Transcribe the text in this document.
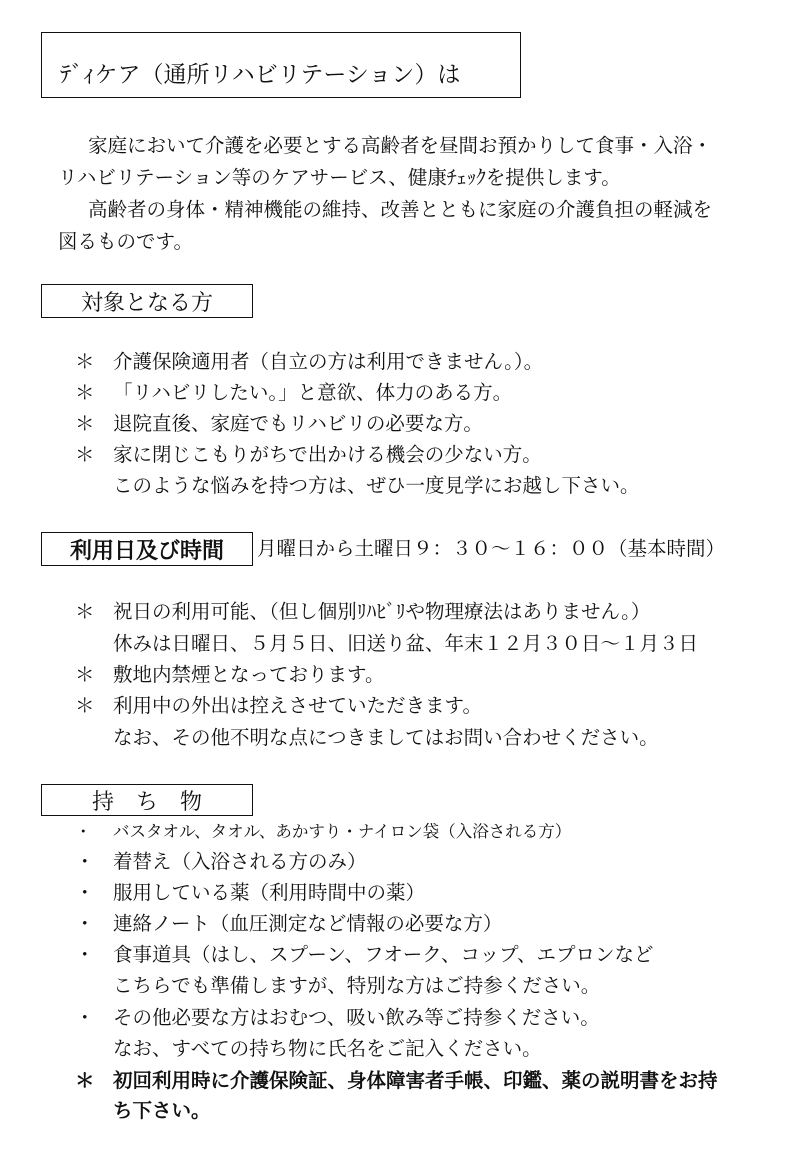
ﾃﾞｨケア（通所リハビリテーション）は
家庭において介護を必要とする高齢者を昼間お預かりして食事・入浴・
リハビリテーション等のケアサービス、健康ﾁｪｯｸを提供します。
高齢者の身体・精神機能の維持、改善とともに家庭の介護負担の軽減を
図るものです。
対象となる方
＊ 介護保険適用者（自立の方は利用できません。）。
＊ 「リハビリしたい。」と意欲、体力のある方。
＊ 退院直後、家庭でもリハビリの必要な方。
＊ 家に閉じこもりがちで出かける機会の少ない方。
このような悩みを持つ方は、ぜひ一度見学にお越し下さい。
利用日及び時間 月曜日から土曜日９：３０～１６：００（基本時間）
＊ 祝日の利用可能、（但し個別ﾘﾊﾋﾞﾘや物理療法はありません。）
休みは日曜日、５月５日、旧送り盆、年末１２月３０日～１月３日
＊ 敷地内禁煙となっております。
＊ 利用中の外出は控えさせていただきます。
なお、その他不明な点につきましてはお問い合わせください。
持　ち　物
・ バスタオル、タオル、あかすり・ナイロン袋（入浴される方）
・ 着替え（入浴される方のみ）
・ 服用している薬（利用時間中の薬）
・ 連絡ノート（血圧測定など情報の必要な方）
・ 食事道具（はし、スプーン、フオーク、コップ、エプロンなど
こちらでも準備しますが、特別な方はご持参ください。
・ その他必要な方はおむつ、吸い飲み等ご持参ください。
なお、すべての持ち物に氏名をご記入ください。
＊ 初回利用時に介護保険証、身体障害者手帳、印鑑、薬の説明書をお持
ち下さい。
